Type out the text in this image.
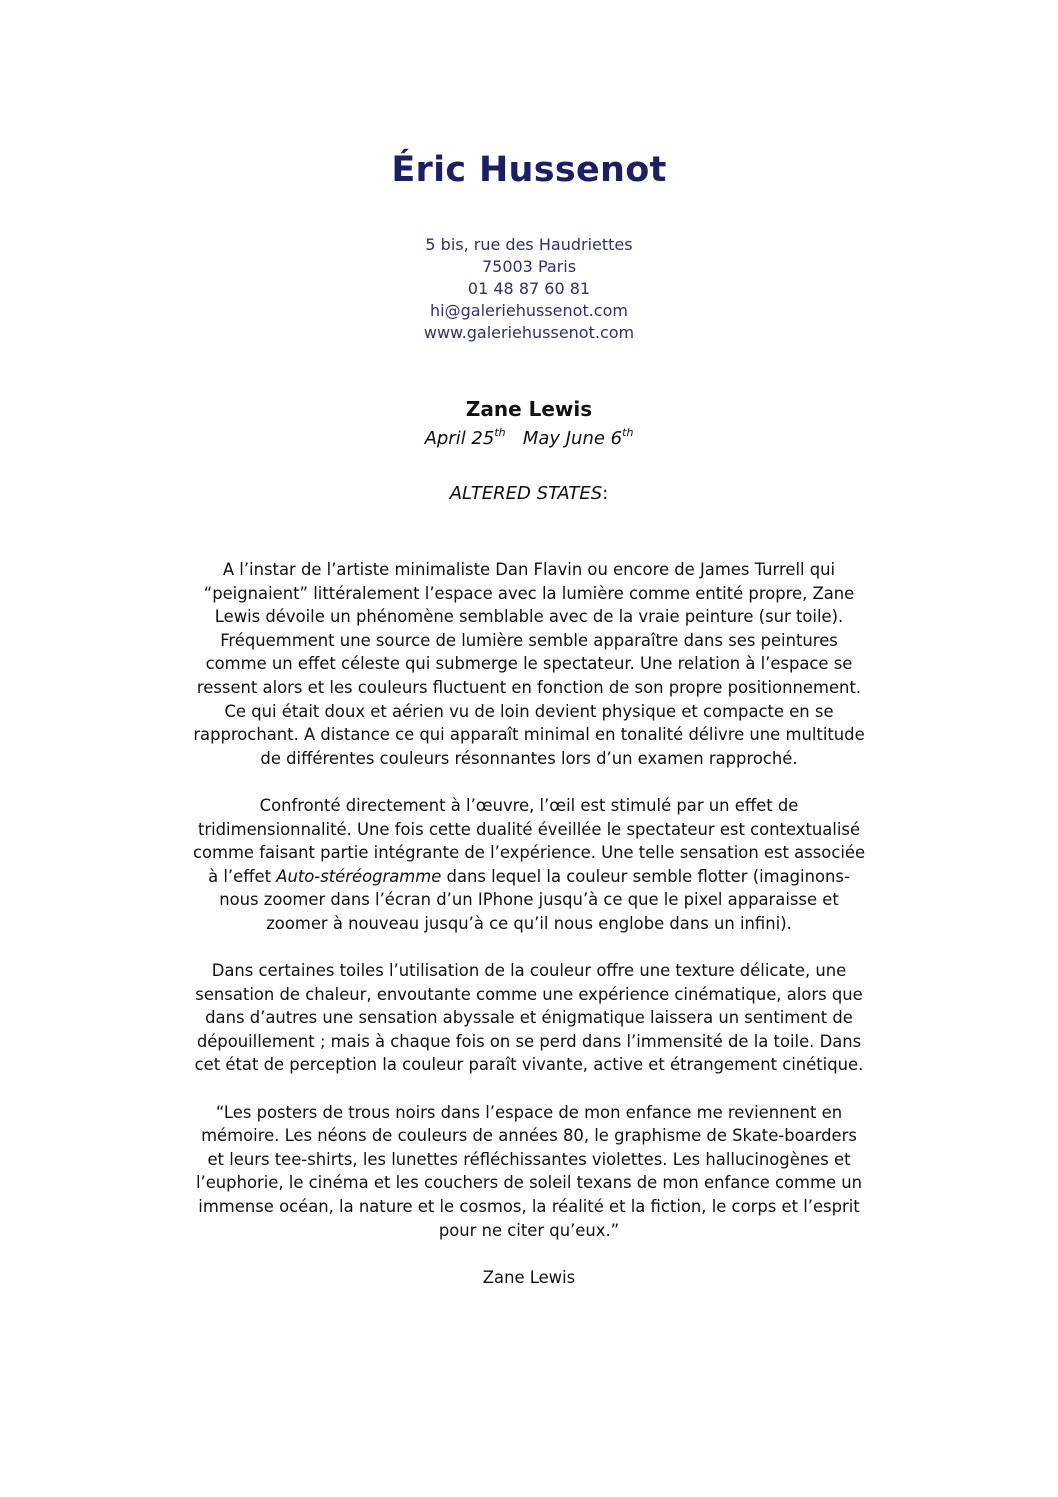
Éric Hussenot
5 bis, rue des Haudriettes
75003 Paris
01 48 87 60 81
hi@galeriehussenot.com
www.galeriehussenot.com
Zane Lewis
April 25th May June 6th
ALTERED STATES:

A l’instar de l’artiste minimaliste Dan Flavin ou encore de James Turrell qui
“peignaient” littéralement l’espace avec la lumière comme entité propre, Zane
Lewis dévoile un phénomène semblable avec de la vraie peinture (sur toile).
Fréquemment une source de lumière semble apparaître dans ses peintures
comme un effet céleste qui submerge le spectateur. Une relation à l’espace se
ressent alors et les couleurs fluctuent en fonction de son propre positionnement.
Ce qui était doux et aérien vu de loin devient physique et compacte en se
rapprochant. A distance ce qui apparaît minimal en tonalité délivre une multitude
de différentes couleurs résonnantes lors d’un examen rapproché.

Confronté directement à l’œuvre, l’œil est stimulé par un effet de
tridimensionnalité. Une fois cette dualité éveillée le spectateur est contextualisé
comme faisant partie intégrante de l’expérience. Une telle sensation est associée
à l’effet Auto-stéréogramme dans lequel la couleur semble flotter (imaginons-
nous zoomer dans l’écran d’un IPhone jusqu’à ce que le pixel apparaisse et
zoomer à nouveau jusqu’à ce qu’il nous englobe dans un infini).

Dans certaines toiles l’utilisation de la couleur offre une texture délicate, une
sensation de chaleur, envoutante comme une expérience cinématique, alors que
dans d’autres une sensation abyssale et énigmatique laissera un sentiment de
dépouillement ; mais à chaque fois on se perd dans l’immensité de la toile. Dans
cet état de perception la couleur paraît vivante, active et étrangement cinétique.

“Les posters de trous noirs dans l’espace de mon enfance me reviennent en
mémoire. Les néons de couleurs de années 80, le graphisme de Skate-boarders
et leurs tee-shirts, les lunettes réfléchissantes violettes. Les hallucinogènes et
l’euphorie, le cinéma et les couchers de soleil texans de mon enfance comme un
immense océan, la nature et le cosmos, la réalité et la fiction, le corps et l’esprit
pour ne citer qu’eux.”

Zane Lewis
